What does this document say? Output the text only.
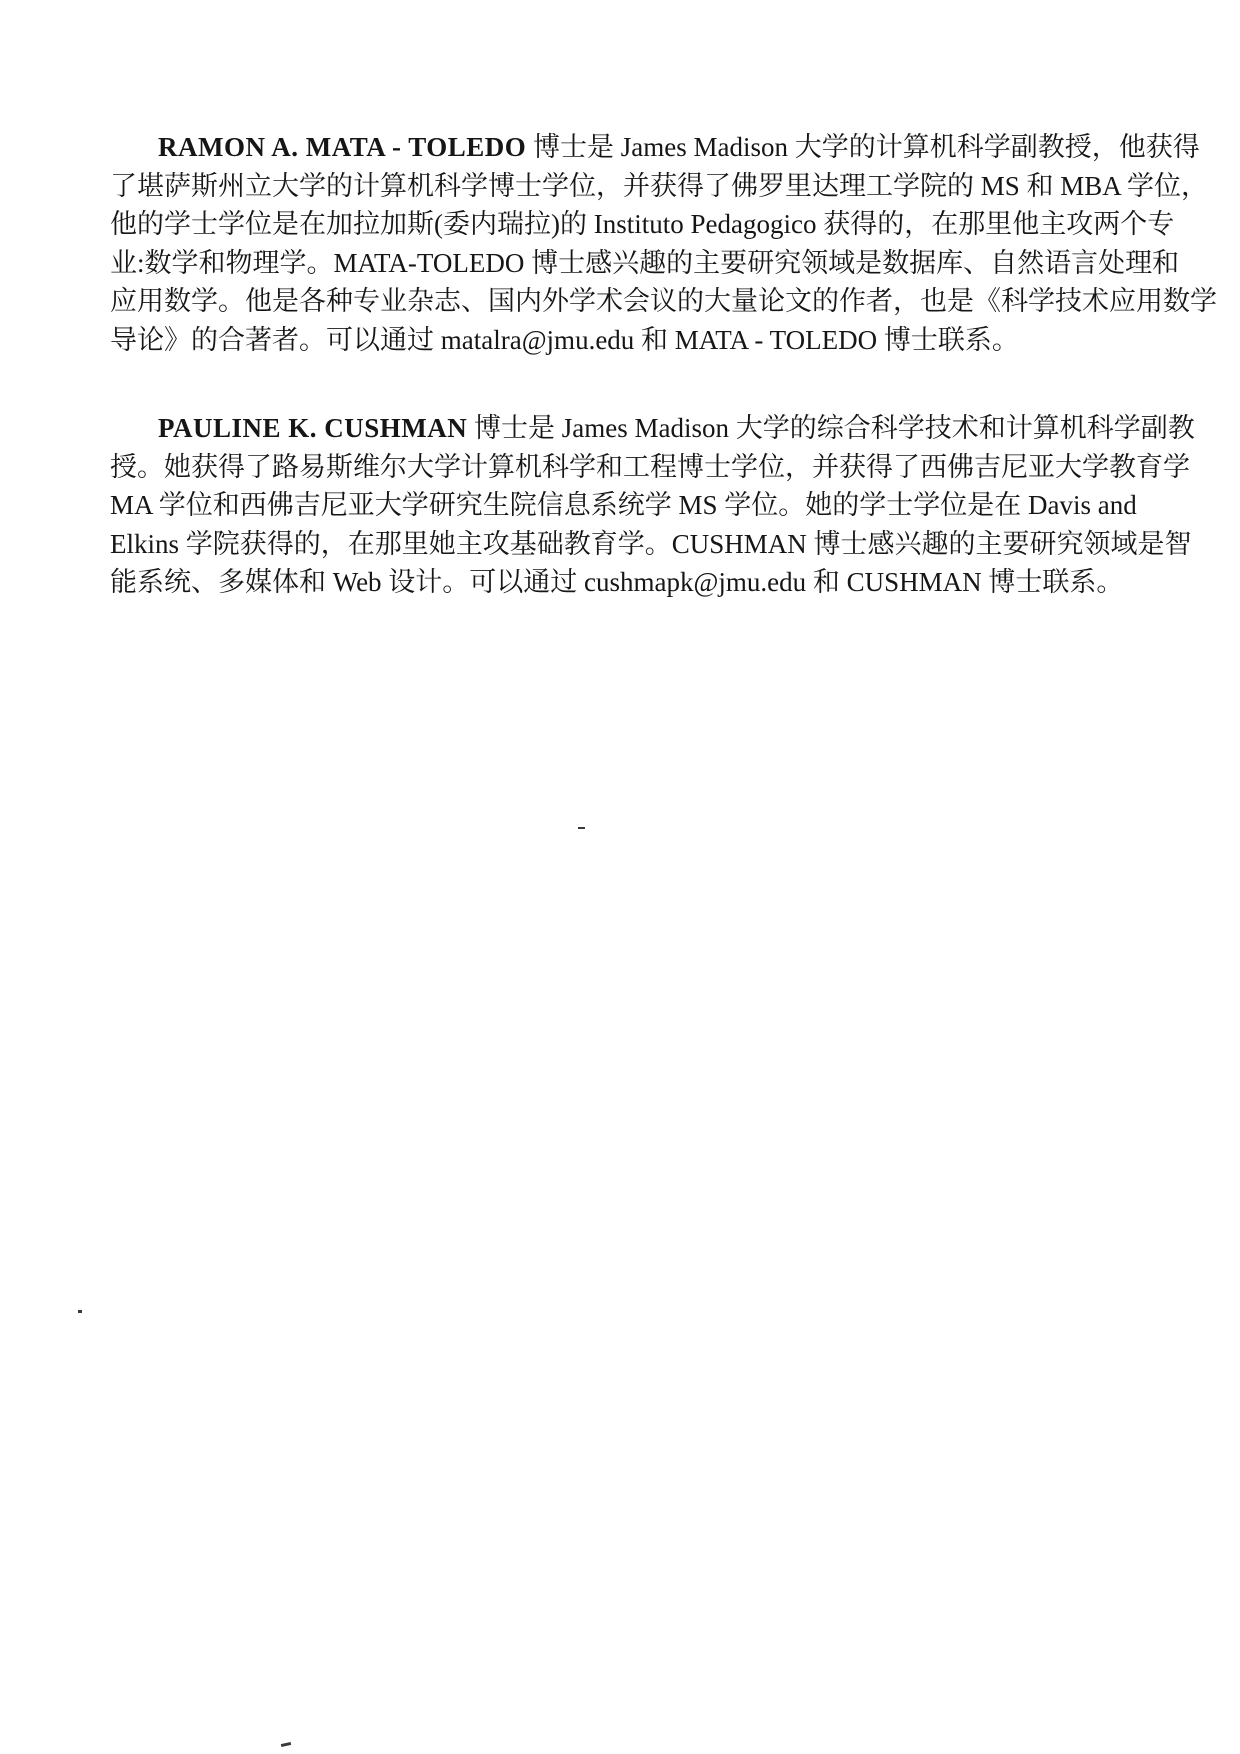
RAMON A. MATA - TOLEDO 博士是 James Madison 大学的计算机科学副教授，他获得
了堪萨斯州立大学的计算机科学博士学位，并获得了佛罗里达理工学院的 MS 和 MBA 学位，
他的学士学位是在加拉加斯(委内瑞拉)的 Instituto Pedagogico 获得的，在那里他主攻两个专
业:数学和物理学。MATA-TOLEDO 博士感兴趣的主要研究领域是数据库、自然语言处理和
应用数学。他是各种专业杂志、国内外学术会议的大量论文的作者，也是《科学技术应用数学
导论》的合著者。可以通过 matalra@jmu.edu 和 MATA - TOLEDO 博士联系。

PAULINE K. CUSHMAN 博士是 James Madison 大学的综合科学技术和计算机科学副教
授。她获得了路易斯维尔大学计算机科学和工程博士学位，并获得了西佛吉尼亚大学教育学
MA 学位和西佛吉尼亚大学研究生院信息系统学 MS 学位。她的学士学位是在 Davis and
Elkins 学院获得的，在那里她主攻基础教育学。CUSHMAN 博士感兴趣的主要研究领域是智
能系统、多媒体和 Web 设计。可以通过 cushmapk@jmu.edu 和 CUSHMAN 博士联系。
